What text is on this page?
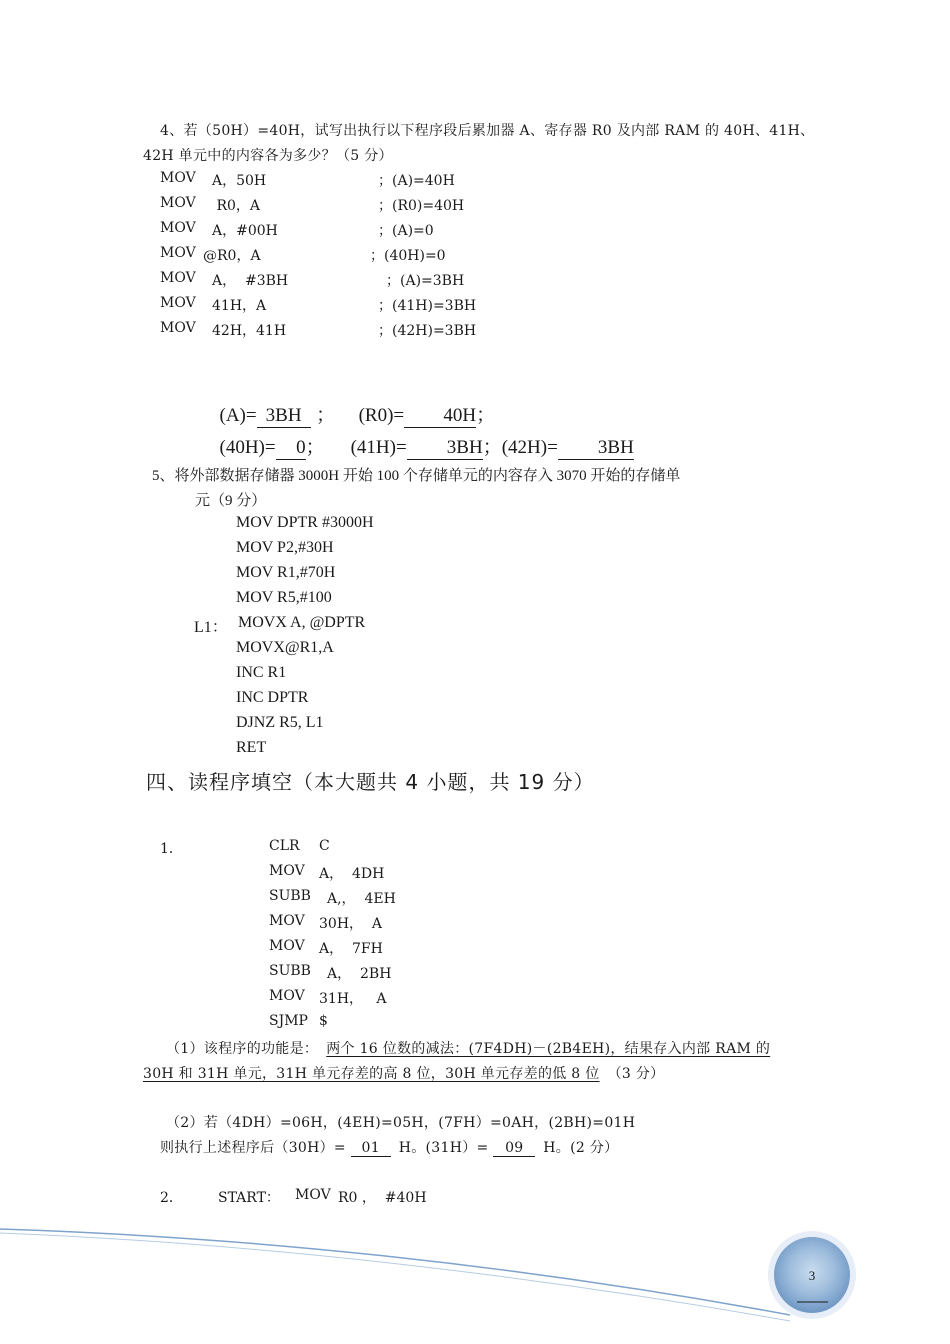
4、若（50H）=40H，试写出执行以下程序段后累加器 A、寄存器 R0 及内部 RAM 的 40H、41H、
42H 单元中的内容各为多少？（5 分）
MOV A，50H	；(A)=40H
MOV R0，A	；(R0)=40H
MOV A，#00H	；(A)=0
MOV @R0，A	；(40H)=0
MOV A，  #3BH	；(A)=3BH
MOV 41H，A	；(41H)=3BH
MOV 42H，41H	；(42H)=3BH

(A)= 3BH ； (R0)= 40H；

(40H)= 0； (41H)= 3BH；(42H)= 3BH

5、将外部数据存储器 3000H 开始 100 个存储单元的内容存入 3070 开始的存储单
元（9 分）
MOV DPTR #3000H
MOV P2,#30H
MOV R1,#70H
MOV R5,#100
L1： MOVX A, @DPTR
MOVX@R1,A
INC R1
INC DPTR
DJNZ R5, L1
RET
四、读程序填空（本大题共 4 小题，共 19 分）
1．	CLR C
MOV A，  4DH
SUBB A,，  4EH
MOV 30H，  A
MOV A，  7FH
SUBB A，  2BH
MOV 31H，   A
SJMP $
（1）该程序的功能是： 两个 16 位数的减法：(7F4DH)－(2B4EH)，结果存入内部 RAM 的
30H 和 31H 单元，31H 单元存差的高 8 位，30H 单元存差的低 8 位 （3 分）
（2）若（4DH）=06H，(4EH)=05H，(7FH）=0AH，(2BH)=01H
则执行上述程序后（30H）= 01 H。(31H）= 09 H。(2 分）
2．	START： MOV R0 ，  #40H
3
